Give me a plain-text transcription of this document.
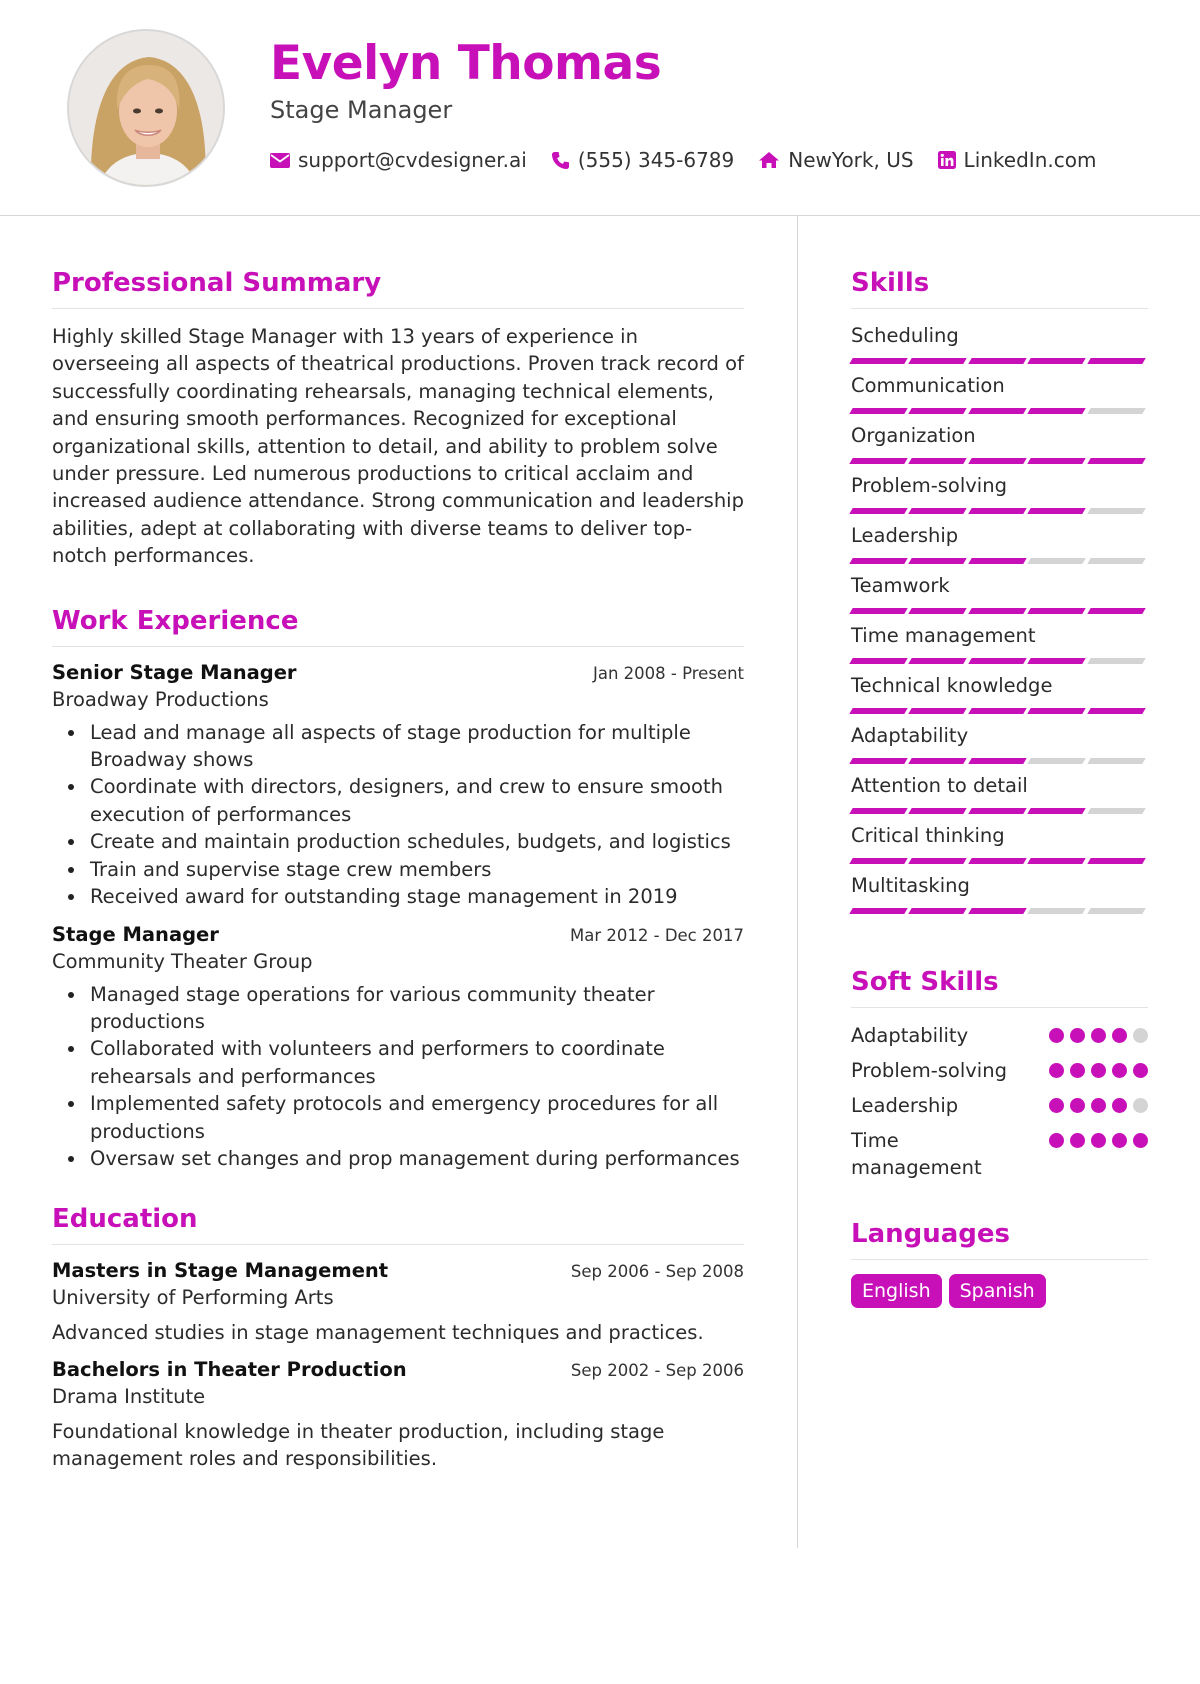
Evelyn Thomas
Stage Manager
support@cvdesigner.ai	(555) 345-6789	NewYork, US	LinkedIn.com
Professional Summary

Highly skilled Stage Manager with 13 years of experience in overseeing all aspects of theatrical productions. Proven track record of successfully coordinating rehearsals, managing technical elements, and ensuring smooth performances. Recognized for exceptional organizational skills, attention to detail, and ability to problem solve under pressure. Led numerous productions to critical acclaim and increased audience attendance. Strong communication and leadership abilities, adept at collaborating with diverse teams to deliver top-notch performances.

Work Experience
Senior Stage Manager	Jan 2008 - Present
Broadway Productions
Lead and manage all aspects of stage production for multiple Broadway shows
Coordinate with directors, designers, and crew to ensure smooth execution of performances
Create and maintain production schedules, budgets, and logistics
Train and supervise stage crew members
Received award for outstanding stage management in 2019
Stage Manager	Mar 2012 - Dec 2017
Community Theater Group
Managed stage operations for various community theater productions
Collaborated with volunteers and performers to coordinate rehearsals and performances
Implemented safety protocols and emergency procedures for all productions
Oversaw set changes and prop management during performances
Education
Masters in Stage Management	Sep 2006 - Sep 2008
University of Performing Arts

Advanced studies in stage management techniques and practices.

Bachelors in Theater Production	Sep 2002 - Sep 2006
Drama Institute

Foundational knowledge in theater production, including stage management roles and responsibilities.

Skills
Scheduling
Communication
Organization
Problem-solving
Leadership
Teamwork
Time management
Technical knowledge
Adaptability
Attention to detail
Critical thinking
Multitasking
Soft Skills
Adaptability
Problem-solving
Leadership
Time management
Languages
English	Spanish
